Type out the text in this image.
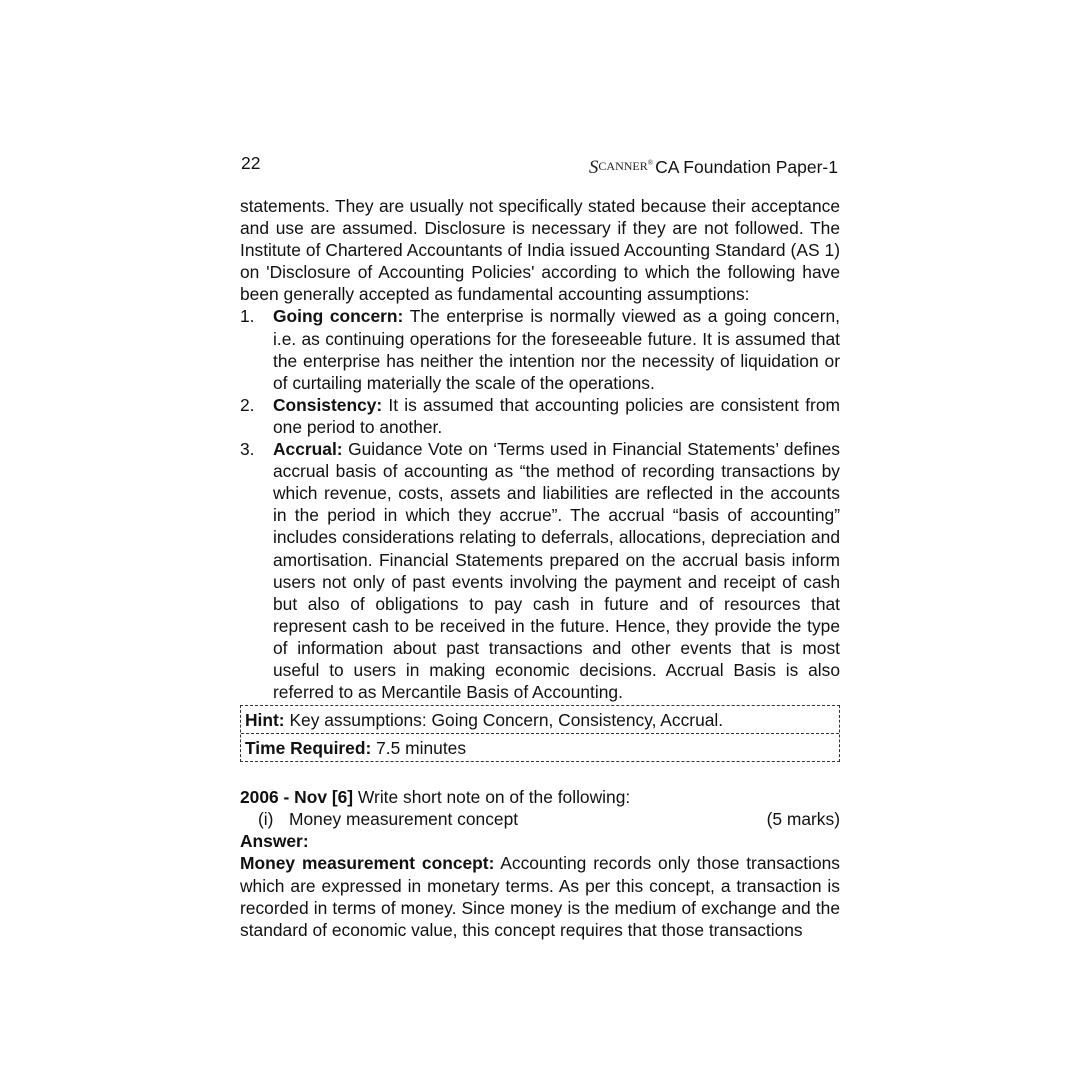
22	SCANNER® CA Foundation Paper-1

statements. They are usually not specifically stated because their acceptance and use are assumed. Disclosure is necessary if they are not followed. The Institute of Chartered Accountants of India issued Accounting Standard (AS 1) on 'Disclosure of Accounting Policies' according to which the following have been generally accepted as fundamental accounting assumptions:

1. Going concern: The enterprise is normally viewed as a going concern, i.e. as continuing operations for the foreseeable future. It is assumed that the enterprise has neither the intention nor the necessity of liquidation or of curtailing materially the scale of the operations.
2. Consistency: It is assumed that accounting policies are consistent from one period to another.
3. Accrual: Guidance Vote on ‘Terms used in Financial Statements’ defines accrual basis of accounting as “the method of recording transactions by which revenue, costs, assets and liabilities are reflected in the accounts in the period in which they accrue”. The accrual “basis of accounting” includes considerations relating to deferrals, allocations, depreciation and amortisation. Financial Statements prepared on the accrual basis inform users not only of past events involving the payment and receipt of cash but also of obligations to pay cash in future and of resources that represent cash to be received in the future. Hence, they provide the type of information about past transactions and other events that is most useful to users in making economic decisions. Accrual Basis is also referred to as Mercantile Basis of Accounting.
Hint: Key assumptions: Going Concern, Consistency, Accrual.
Time Required: 7.5 minutes
2006 - Nov [6] Write short note on of the following:
(i) Money measurement concept	(5 marks)
Answer:

Money measurement concept: Accounting records only those transactions which are expressed in monetary terms. As per this concept, a transaction is recorded in terms of money. Since money is the medium of exchange and the standard of economic value, this concept requires that those transactions
